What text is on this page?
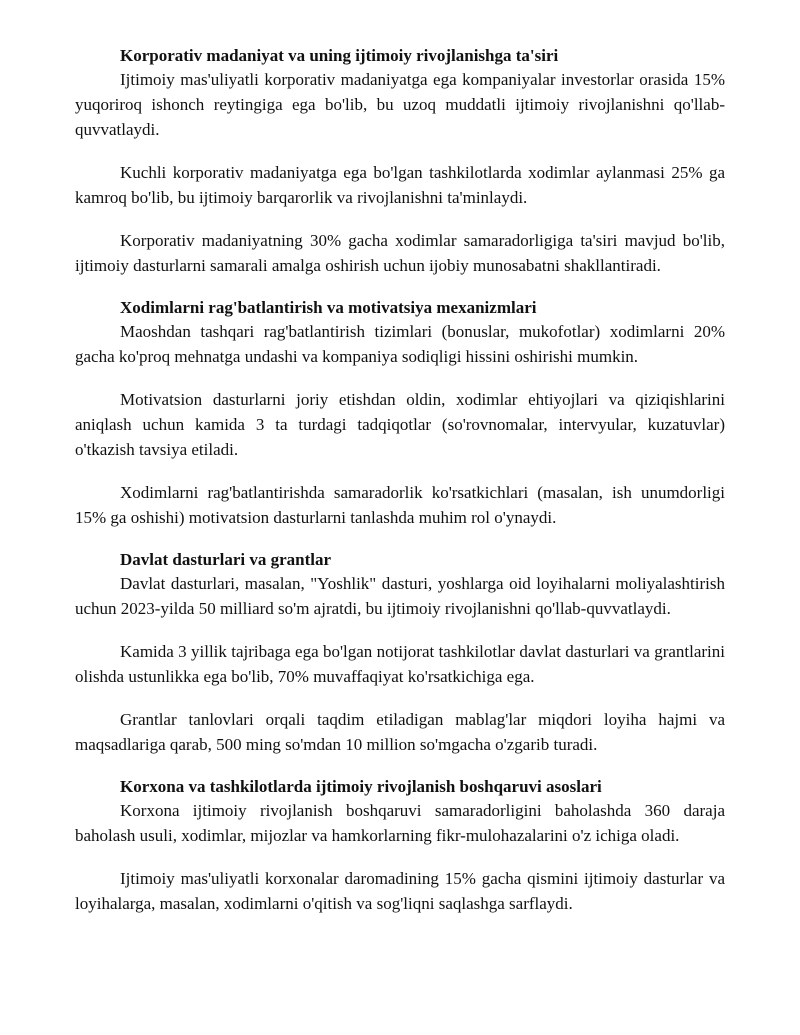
Korporativ madaniyat va uning ijtimoiy rivojlanishga ta'siri

Ijtimoiy mas'uliyatli korporativ madaniyatga ega kompaniyalar investorlar orasida 15% yuqoriroq ishonch reytingiga ega bo'lib, bu uzoq muddatli ijtimoiy rivojlanishni qo'llab-quvvatlaydi.

Kuchli korporativ madaniyatga ega bo'lgan tashkilotlarda xodimlar aylanmasi 25% ga kamroq bo'lib, bu ijtimoiy barqarorlik va rivojlanishni ta'minlaydi.

Korporativ madaniyatning 30% gacha xodimlar samaradorligiga ta'siri mavjud bo'lib, ijtimoiy dasturlarni samarali amalga oshirish uchun ijobiy munosabatni shakllantiradi.

Xodimlarni rag'batlantirish va motivatsiya mexanizmlari

Maoshdan tashqari rag'batlantirish tizimlari (bonuslar, mukofotlar) xodimlarni 20% gacha ko'proq mehnatga undashi va kompaniya sodiqligi hissini oshirishi mumkin.

Motivatsion dasturlarni joriy etishdan oldin, xodimlar ehtiyojlari va qiziqishlarini aniqlash uchun kamida 3 ta turdagi tadqiqotlar (so'rovnomalar, intervyular, kuzatuvlar) o'tkazish tavsiya etiladi.

Xodimlarni rag'batlantirishda samaradorlik ko'rsatkichlari (masalan, ish unumdorligi 15% ga oshishi) motivatsion dasturlarni tanlashda muhim rol o'ynaydi.

Davlat dasturlari va grantlar

Davlat dasturlari, masalan, "Yoshlik" dasturi, yoshlarga oid loyihalarni moliyalashtirish uchun 2023-yilda 50 milliard so'm ajratdi, bu ijtimoiy rivojlanishni qo'llab-quvvatlaydi.

Kamida 3 yillik tajribaga ega bo'lgan notijorat tashkilotlar davlat dasturlari va grantlarini olishda ustunlikka ega bo'lib, 70% muvaffaqiyat ko'rsatkichiga ega.

Grantlar tanlovlari orqali taqdim etiladigan mablag'lar miqdori loyiha hajmi va maqsadlariga qarab, 500 ming so'mdan 10 million so'mgacha o'zgarib turadi.

Korxona va tashkilotlarda ijtimoiy rivojlanish boshqaruvi asoslari

Korxona ijtimoiy rivojlanish boshqaruvi samaradorligini baholashda 360 daraja baholash usuli, xodimlar, mijozlar va hamkorlarning fikr-mulohazalarini o'z ichiga oladi.

Ijtimoiy mas'uliyatli korxonalar daromadining 15% gacha qismini ijtimoiy dasturlar va loyihalarga, masalan, xodimlarni o'qitish va sog'liqni saqlashga sarflaydi.
